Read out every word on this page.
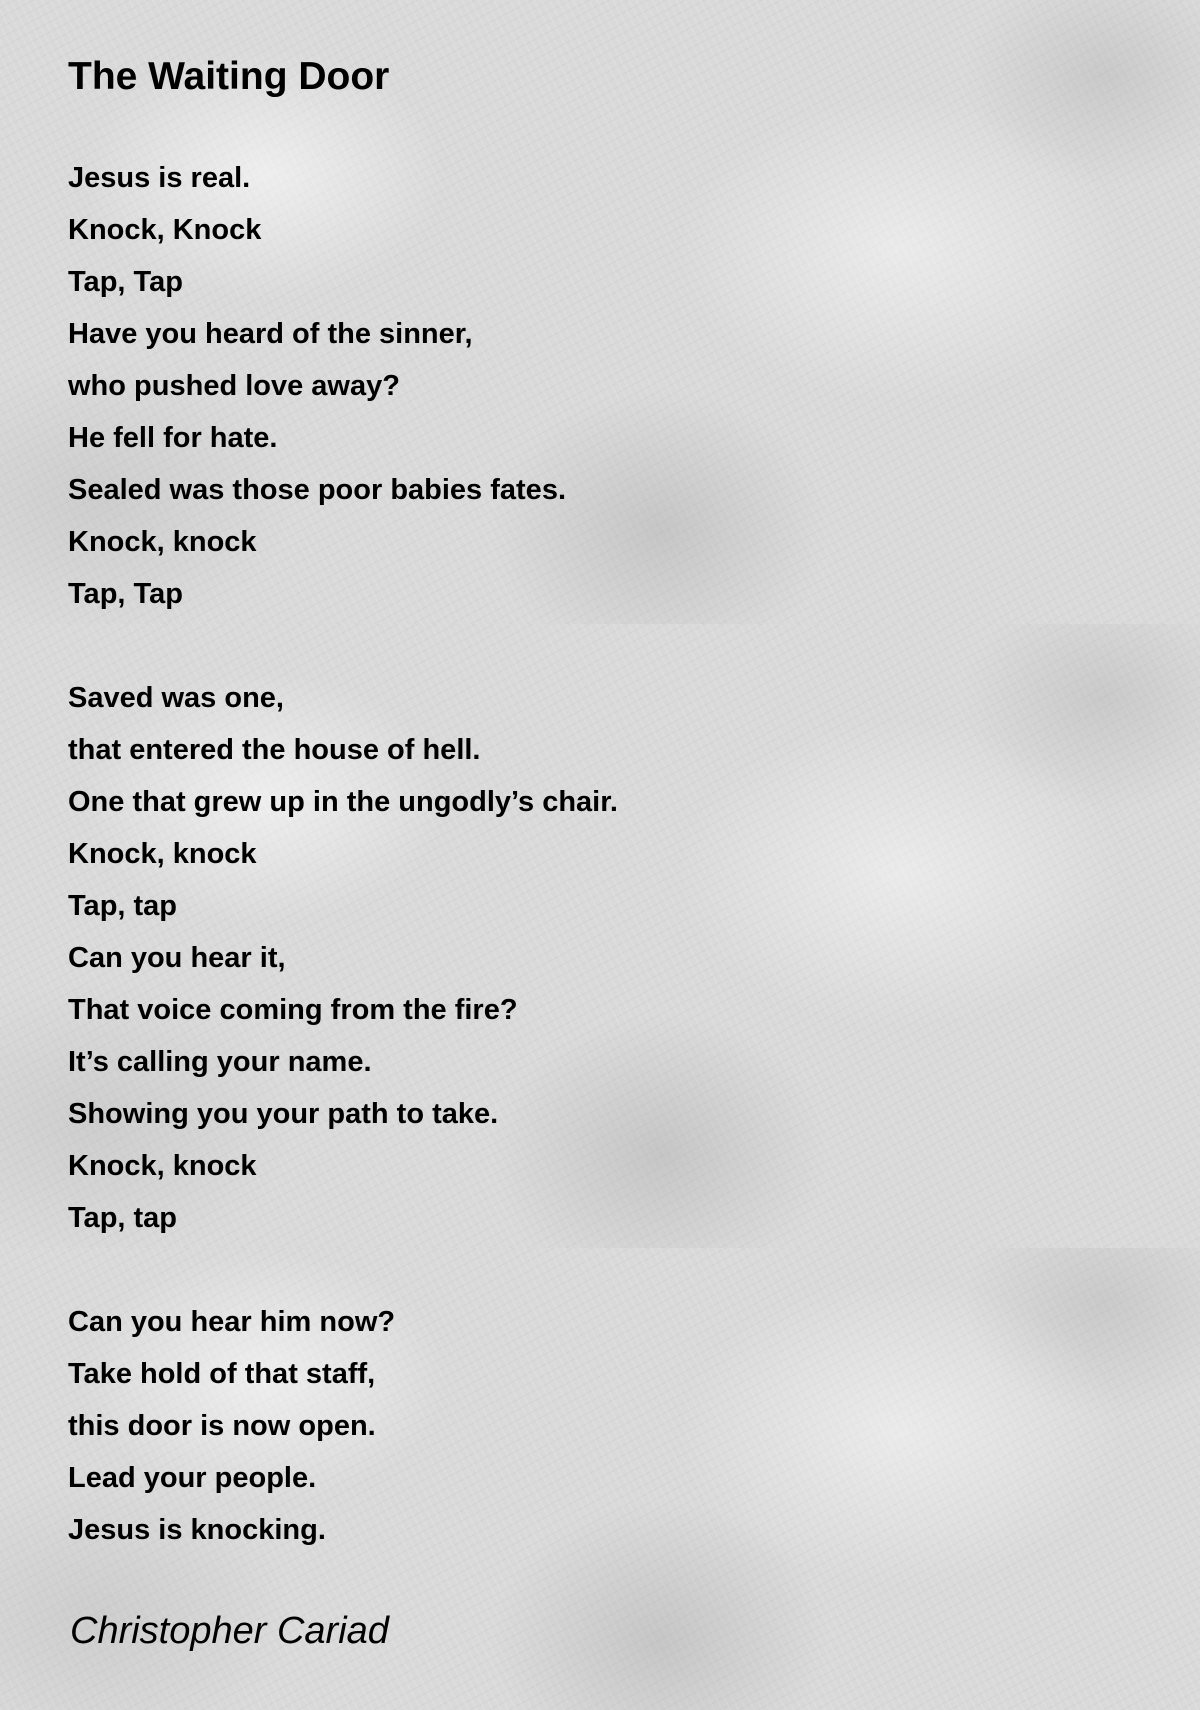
The Waiting Door
Jesus is real.
Knock, Knock
Tap, Tap
Have you heard of the sinner,
who pushed love away?
He fell for hate.
Sealed was those poor babies fates.
Knock, knock
Tap, Tap
Saved was one,
that entered the house of hell.
One that grew up in the ungodly’s chair.
Knock, knock
Tap, tap
Can you hear it,
That voice coming from the fire?
It’s calling your name.
Showing you your path to take.
Knock, knock
Tap, tap
Can you hear him now?
Take hold of that staff,
this door is now open.
Lead your people.
Jesus is knocking.

Christopher Cariad
